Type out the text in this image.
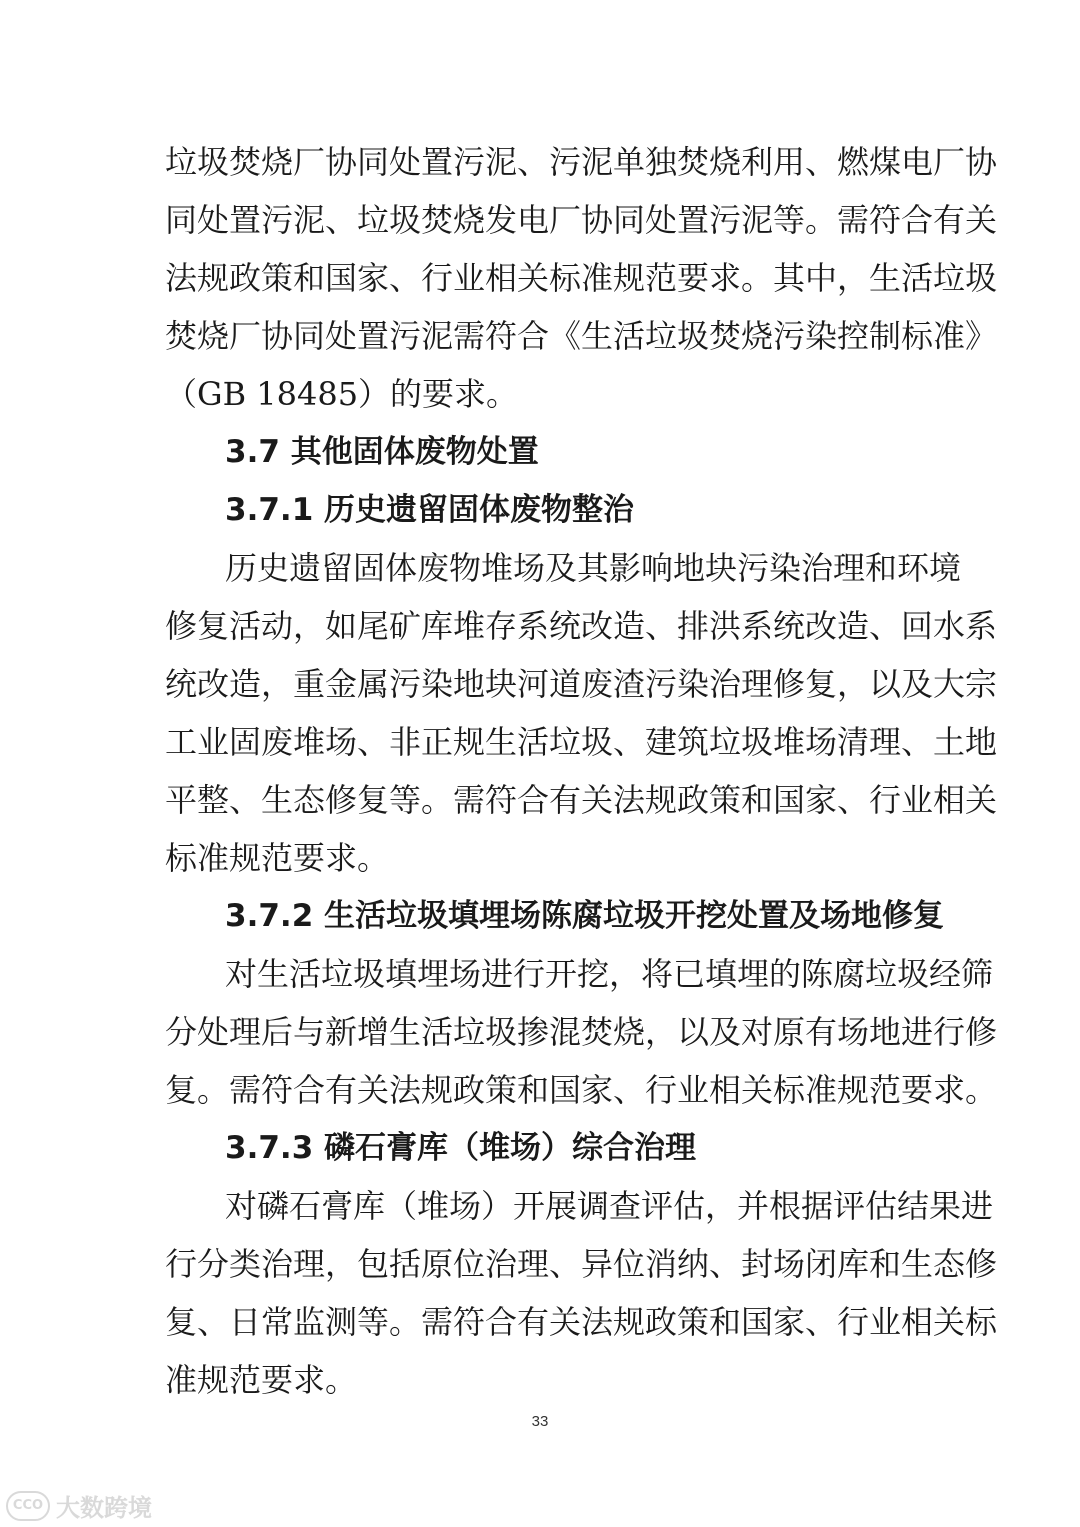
垃圾焚烧厂协同处置污泥、污泥单独焚烧利用、燃煤电厂协
同处置污泥、垃圾焚烧发电厂协同处置污泥等。需符合有关
法规政策和国家、行业相关标准规范要求。其中，生活垃圾
焚烧厂协同处置污泥需符合《生活垃圾焚烧污染控制标准》
（GB 18485）的要求。
3.7 其他固体废物处置
3.7.1 历史遗留固体废物整治
历史遗留固体废物堆场及其影响地块污染治理和环境
修复活动，如尾矿库堆存系统改造、排洪系统改造、回水系
统改造，重金属污染地块河道废渣污染治理修复，以及大宗
工业固废堆场、非正规生活垃圾、建筑垃圾堆场清理、土地
平整、生态修复等。需符合有关法规政策和国家、行业相关
标准规范要求。
3.7.2 生活垃圾填埋场陈腐垃圾开挖处置及场地修复
对生活垃圾填埋场进行开挖，将已填埋的陈腐垃圾经筛
分处理后与新增生活垃圾掺混焚烧，以及对原有场地进行修
复。需符合有关法规政策和国家、行业相关标准规范要求。
3.7.3 磷石膏库（堆场）综合治理
对磷石膏库（堆场）开展调查评估，并根据评估结果进
行分类治理，包括原位治理、异位消纳、封场闭库和生态修
复、日常监测等。需符合有关法规政策和国家、行业相关标
准规范要求。
33
CCO 大数跨境
